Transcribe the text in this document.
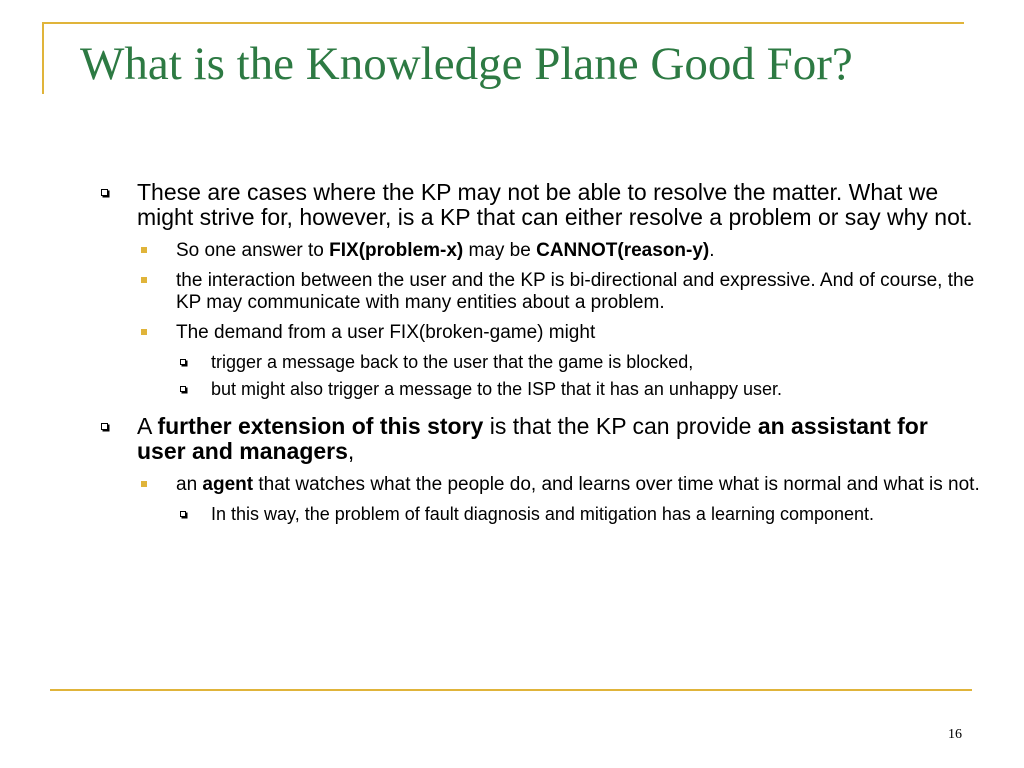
What is the Knowledge Plane Good For?
These are cases where the KP may not be able to resolve the matter. What we might strive for, however, is a KP that can either resolve a problem or say why not.
So one answer to FIX(problem-x) may be CANNOT(reason-y).
the interaction between the user and the KP is bi-directional and expressive. And of course, the KP may communicate with many entities about a problem.
The demand from a user FIX(broken-game) might
trigger a message back to the user that the game is blocked,
but might also trigger a message to the ISP that it has an unhappy user.
A further extension of this story is that the KP can provide an assistant for user and managers,
an agent that watches what the people do, and learns over time what is normal and what is not.
In this way, the problem of fault diagnosis and mitigation has a learning component.
16
